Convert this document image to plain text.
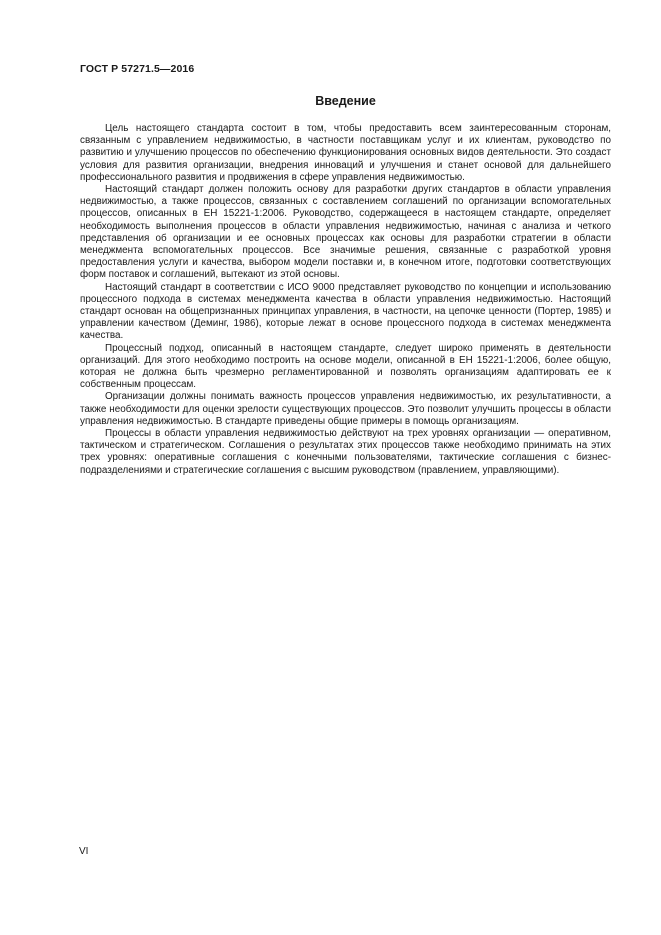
ГОСТ Р 57271.5—2016
Введение

Цель настоящего стандарта состоит в том, чтобы предоставить всем заинтересованным сторонам, связанным с управлением недвижимостью, в частности поставщикам услуг и их клиентам, руководство по развитию и улучшению процессов по обеспечению функционирования основных видов деятельности. Это создаст условия для развития организации, внедрения инноваций и улучшения и станет основой для дальнейшего профессионального развития и продвижения в сфере управления недвижимостью.

Настоящий стандарт должен положить основу для разработки других стандартов в области управления недвижимостью, а также процессов, связанных с составлением соглашений по организации вспомогательных процессов, описанных в ЕН 15221-1:2006. Руководство, содержащееся в настоящем стандарте, определяет необходимость выполнения процессов в области управления недвижимостью, начиная с анализа и четкого представления об организации и ее основных процессах как основы для разработки стратегии в области менеджмента вспомогательных процессов. Все значимые решения, связанные с разработкой уровня предоставления услуги и качества, выбором модели поставки и, в конечном итоге, подготовки соответствующих форм поставок и соглашений, вытекают из этой основы.

Настоящий стандарт в соответствии с ИСО 9000 представляет руководство по концепции и использованию процессного подхода в системах менеджмента качества в области управления недвижимостью. Настоящий стандарт основан на общепризнанных принципах управления, в частности, на цепочке ценности (Портер, 1985) и управлении качеством (Деминг, 1986), которые лежат в основе процессного подхода в системах менеджмента качества.

Процессный подход, описанный в настоящем стандарте, следует широко применять в деятельности организаций. Для этого необходимо построить на основе модели, описанной в ЕН 15221-1:2006, более общую, которая не должна быть чрезмерно регламентированной и позволять организациям адаптировать ее к собственным процессам.

Организации должны понимать важность процессов управления недвижимостью, их результативности, а также необходимости для оценки зрелости существующих процессов. Это позволит улучшить процессы в области управления недвижимостью. В стандарте приведены общие примеры в помощь организациям.

Процессы в области управления недвижимостью действуют на трех уровнях организации — оперативном, тактическом и стратегическом. Соглашения о результатах этих процессов также необходимо принимать на этих трех уровнях: оперативные соглашения с конечными пользователями, тактические соглашения с бизнес-подразделениями и стратегические соглашения с высшим руководством (правлением, управляющими).

VI
